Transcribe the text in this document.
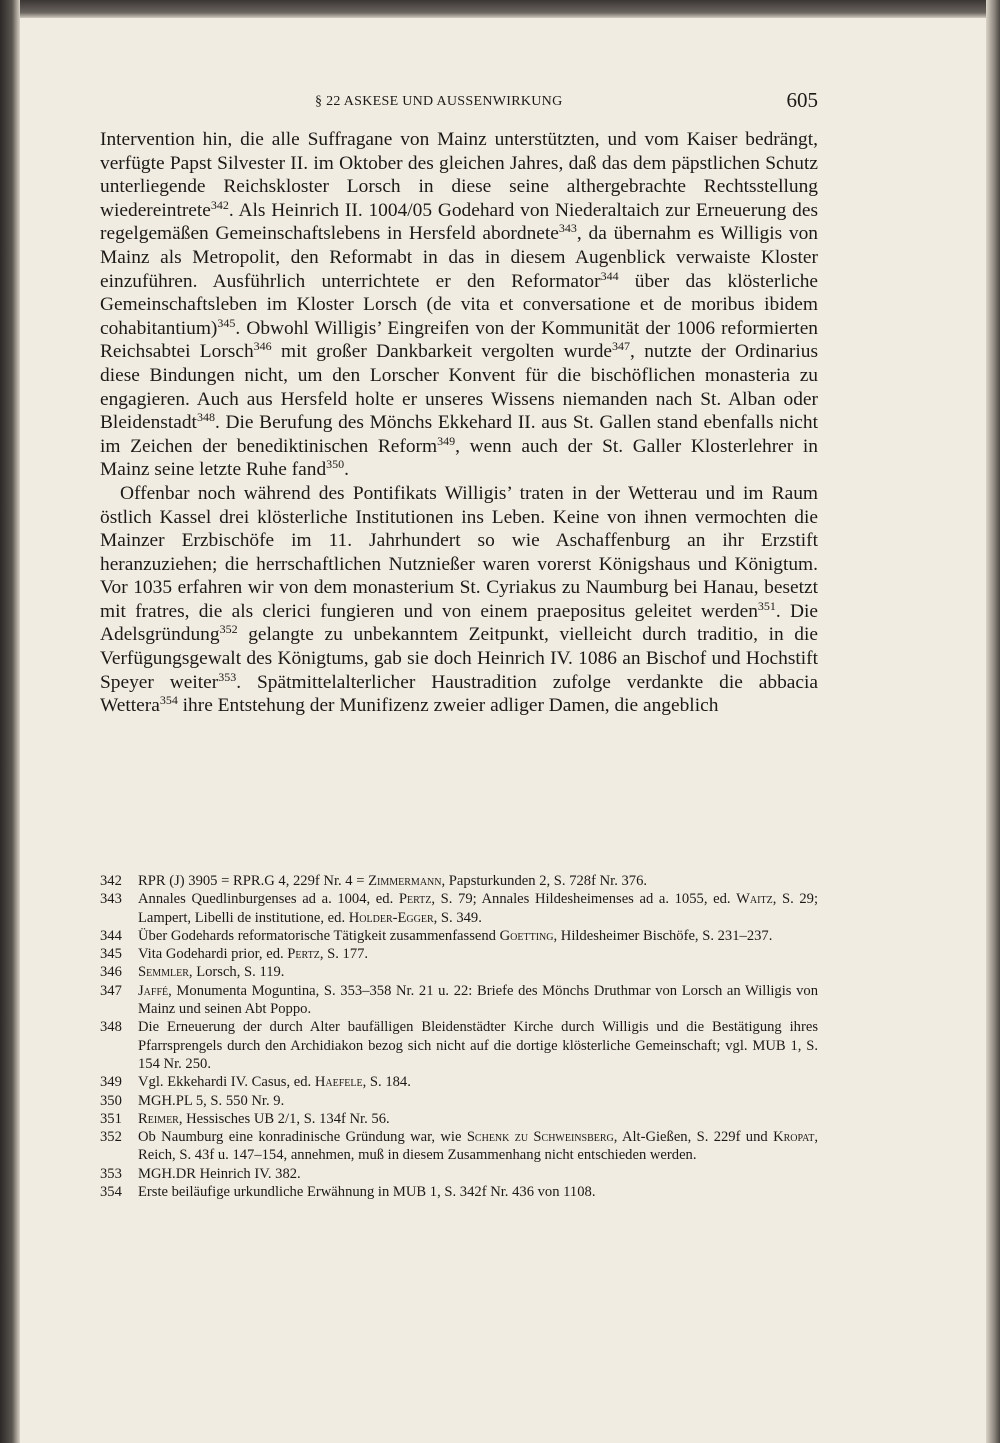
§ 22 ASKESE UND AUSSENWIRKUNG	605

Intervention hin, die alle Suffragane von Mainz unterstützten, und vom Kaiser bedrängt, verfügte Papst Silvester II. im Oktober des gleichen Jahres, daß das dem päpstlichen Schutz unterliegende Reichskloster Lorsch in diese seine althergebrachte Rechtsstellung wiedereintrete$^{342}$. Als Heinrich II. 1004/05 Godehard von Niederaltaich zur Erneuerung des regelgemäßen Gemeinschaftslebens in Hersfeld abordnete$^{343}$, da übernahm es Willigis von Mainz als Metropolit, den Reformabt in das in diesem Augenblick verwaiste Kloster einzuführen. Ausführlich unterrichtete er den Reformator$^{344}$ über das klösterliche Gemeinschaftsleben im Kloster Lorsch (de vita et conversatione et de moribus ibidem cohabitantium)$^{345}$. Obwohl Willigis’ Eingreifen von der Kommunität der 1006 reformierten Reichsabtei Lorsch$^{346}$ mit großer Dankbarkeit vergolten wurde$^{347}$, nutzte der Ordinarius diese Bindungen nicht, um den Lorscher Konvent für die bischöflichen monasteria zu engagieren. Auch aus Hersfeld holte er unseres Wissens niemanden nach St. Alban oder Bleidenstadt$^{348}$. Die Berufung des Mönchs Ekkehard II. aus St. Gallen stand ebenfalls nicht im Zeichen der benediktinischen Reform$^{349}$, wenn auch der St. Galler Klosterlehrer in Mainz seine letzte Ruhe fand$^{350}$.

Offenbar noch während des Pontifikats Willigis’ traten in der Wetterau und im Raum östlich Kassel drei klösterliche Institutionen ins Leben. Keine von ihnen vermochten die Mainzer Erzbischöfe im 11. Jahrhundert so wie Aschaffenburg an ihr Erzstift heranzuziehen; die herrschaftlichen Nutznießer waren vorerst Königshaus und Königtum. Vor 1035 erfahren wir von dem monasterium St. Cyriakus zu Naumburg bei Hanau, besetzt mit fratres, die als clerici fungieren und von einem praepositus geleitet werden$^{351}$. Die Adelsgründung$^{352}$ gelangte zu unbekanntem Zeitpunkt, vielleicht durch traditio, in die Verfügungsgewalt des Königtums, gab sie doch Heinrich IV. 1086 an Bischof und Hochstift Speyer weiter$^{353}$. Spätmittelalterlicher Haustradition zufolge verdankte die abbacia Wettera$^{354}$ ihre Entstehung der Munifizenz zweier adliger Damen, die angeblich

342 RPR (J) 3905 = RPR.G 4, 229f Nr. 4 = Zimmermann, Papsturkunden 2, S. 728f Nr. 376.
343 Annales Quedlinburgenses ad a. 1004, ed. Pertz, S. 79; Annales Hildesheimenses ad a. 1055, ed. Waitz, S. 29; Lampert, Libelli de institutione, ed. Holder-Egger, S. 349.
344 Über Godehards reformatorische Tätigkeit zusammenfassend Goetting, Hildesheimer Bischöfe, S. 231–237.
345 Vita Godehardi prior, ed. Pertz, S. 177.
346 Semmler, Lorsch, S. 119.
347 Jaffé, Monumenta Moguntina, S. 353–358 Nr. 21 u. 22: Briefe des Mönchs Druthmar von Lorsch an Willigis von Mainz und seinen Abt Poppo.
348 Die Erneuerung der durch Alter baufälligen Bleidenstädter Kirche durch Willigis und die Bestätigung ihres Pfarrsprengels durch den Archidiakon bezog sich nicht auf die dortige klösterliche Gemeinschaft; vgl. MUB 1, S. 154 Nr. 250.
349 Vgl. Ekkehardi IV. Casus, ed. Haefele, S. 184.
350 MGH.PL 5, S. 550 Nr. 9.
351 Reimer, Hessisches UB 2/1, S. 134f Nr. 56.
352 Ob Naumburg eine konradinische Gründung war, wie Schenk zu Schweinsberg, Alt-Gießen, S. 229f und Kropat, Reich, S. 43f u. 147–154, annehmen, muß in diesem Zusammenhang nicht entschieden werden.
353 MGH.DR Heinrich IV. 382.
354 Erste beiläufige urkundliche Erwähnung in MUB 1, S. 342f Nr. 436 von 1108.
